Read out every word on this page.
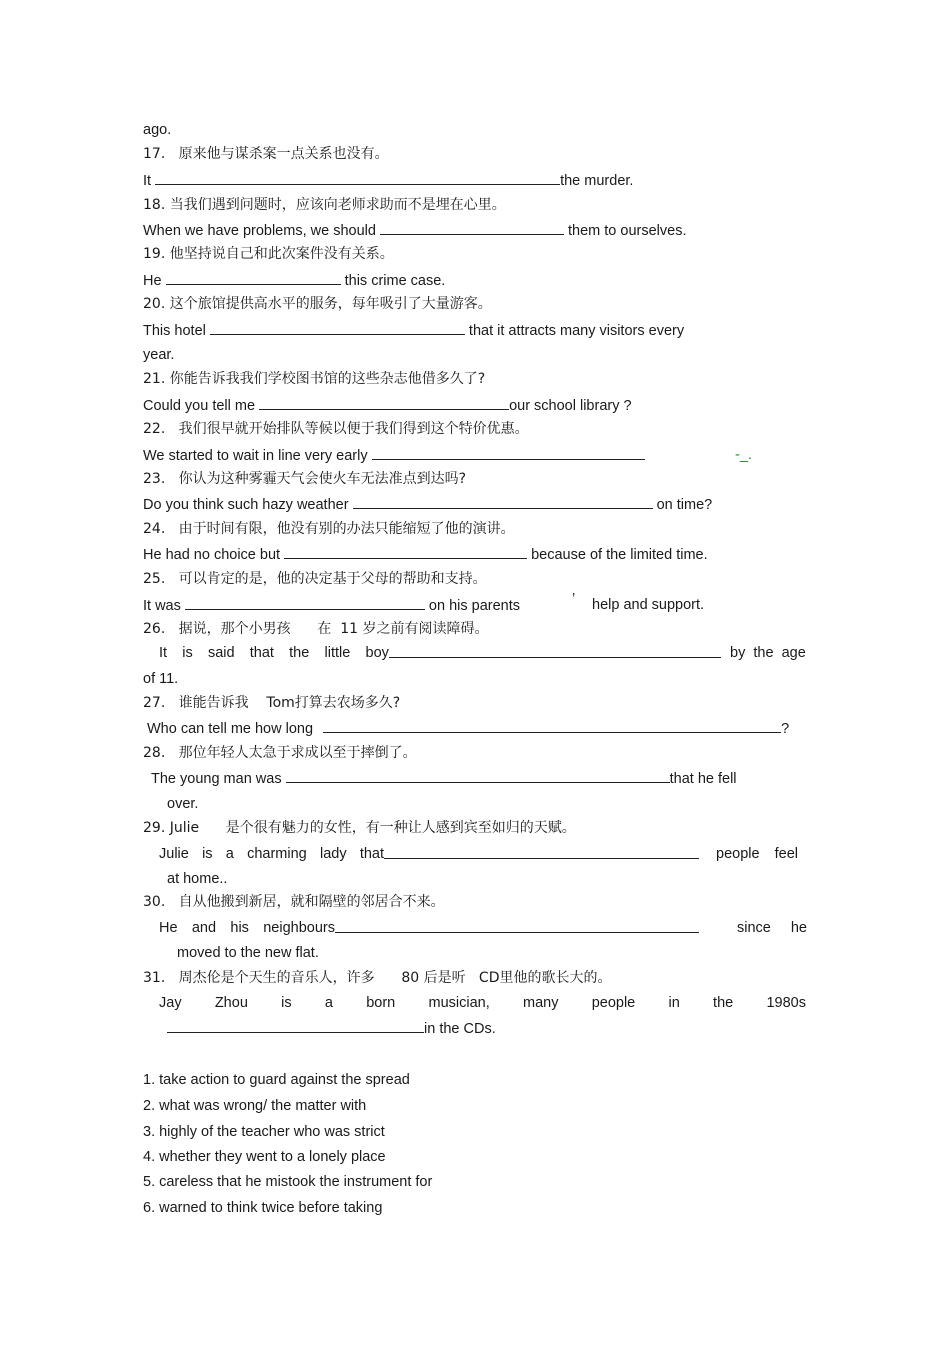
ago.
17.   原来他与谋杀案一点关系也没有。
It	the murder.
18. 当我们遇到问题时，应该向老师求助而不是埋在心里。
When we have problems, we should	them to ourselves.
19. 他坚持说自己和此次案件没有关系。
He	this crime case.
20. 这个旅馆提供高水平的服务，每年吸引了大量游客。
This hotel	that it attracts many visitors every
year.
21. 你能告诉我我们学校图书馆的这些杂志他借多久了?
Could you tell me	our school library ?
22.   我们很早就开始排队等候以便于我们得到这个特价优惠。
We started to wait in line very early	-_.
23.   你认为这种雾霾天气会使火车无法准点到达吗?
Do you think such hazy weather	on time?
24.   由于时间有限，他没有别的办法只能缩短了他的演讲。
He had no choice but	because of the limited time.
25.   可以肯定的是，他的决定基于父母的帮助和支持。
It was	on his parents	’ help and support.
26.   据说，那个小男孩      在  11 岁之前有阅读障碍。
It is said that the little boy	by  the  age
of 11.
27.   谁能告诉我    Tom打算去农场多久?
Who can tell me how long	?
28.   那位年轻人太急于求成以至于摔倒了。
The young man was	that he fell
over.
29. Julie      是个很有魅力的女性，有一种让人感到宾至如归的天赋。
Julie is a charming lady that	people feel
at home..
30.   自从他搬到新居，就和隔壁的邻居合不来。
He and his neighbours	since he
moved to the new flat.
31.   周杰伦是个天生的音乐人，许多      80 后是听   CD里他的歌长大的。
Jay Zhou is a born musician, many people in the 1980s
in the CDs.
1. take action to guard against the spread
2. what was wrong/ the matter with
3. highly of the teacher who was strict
4. whether they went to a lonely place
5. careless that he mistook the instrument for
6. warned to think twice before taking
